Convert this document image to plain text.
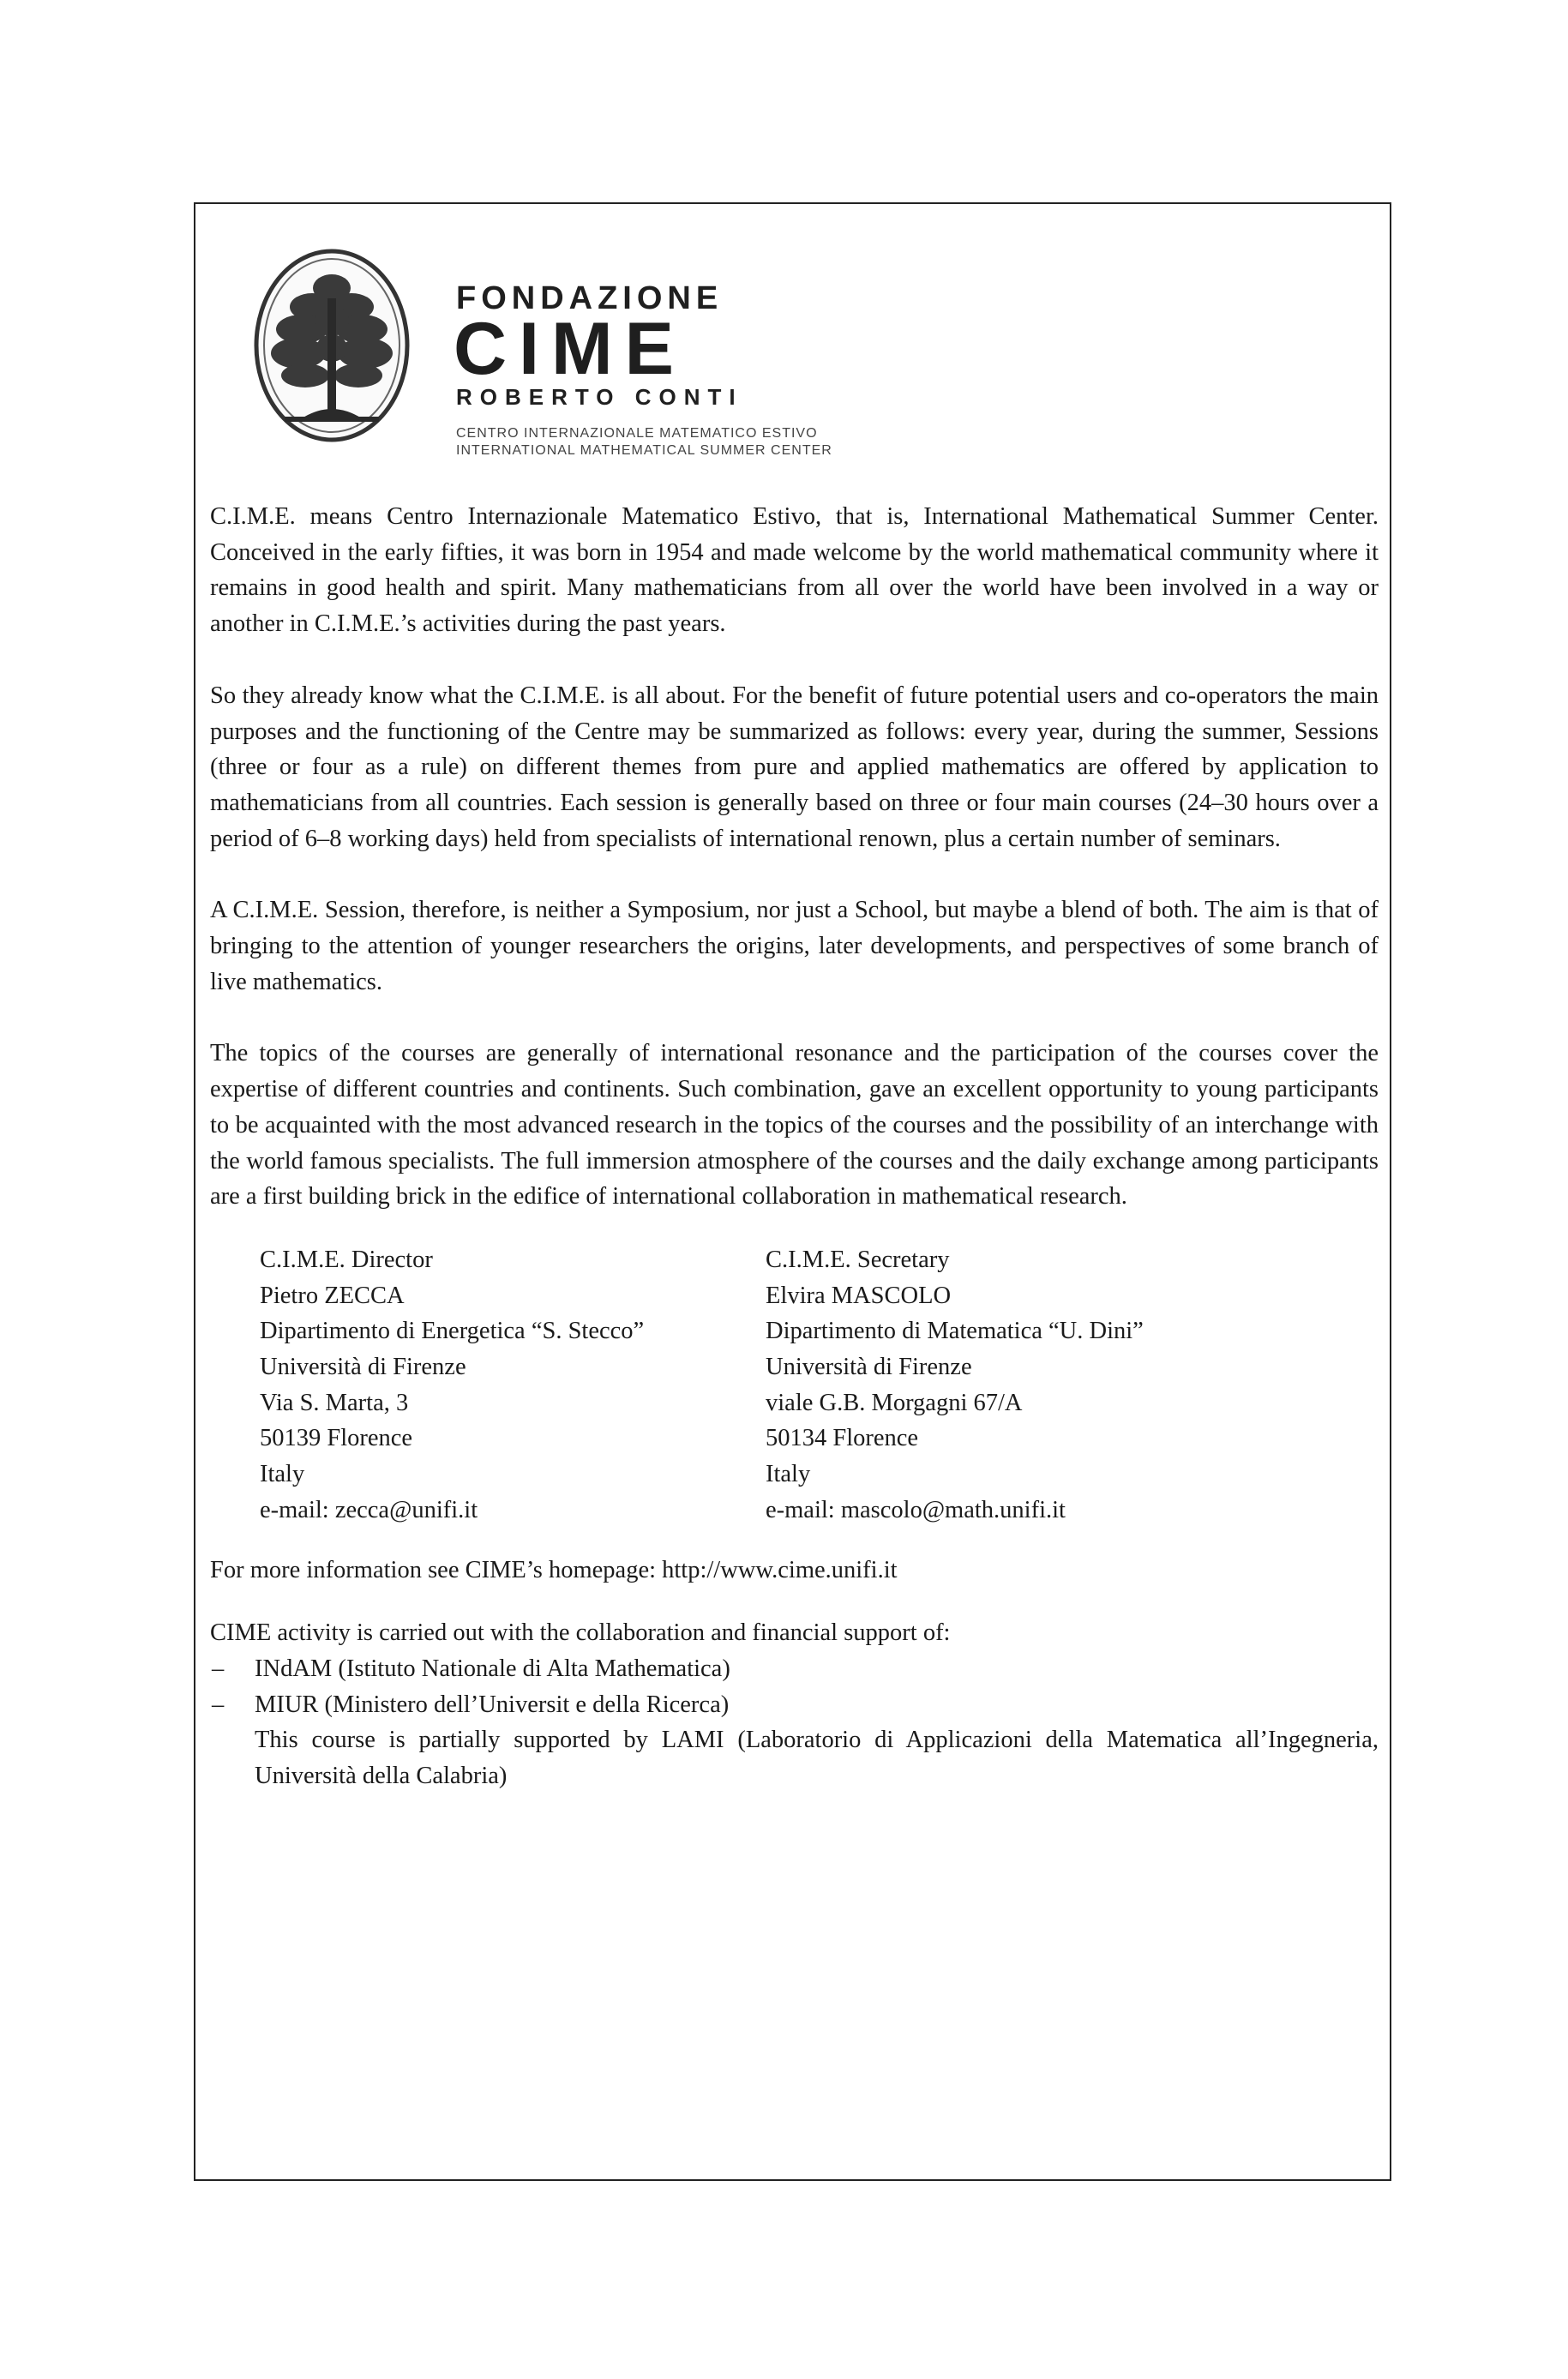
FONDAZIONE
CIME
ROBERTO CONTI
CENTRO INTERNAZIONALE MATEMATICO ESTIVO
INTERNATIONAL MATHEMATICAL SUMMER CENTER

C.I.M.E. means Centro Internazionale Matematico Estivo, that is, International Mathematical Summer Center. Conceived in the early fifties, it was born in 1954 and made welcome by the world mathematical community where it remains in good health and spirit. Many mathematicians from all over the world have been involved in a way or another in C.I.M.E.’s activities during the past years.

So they already know what the C.I.M.E. is all about. For the benefit of future potential users and co-operators the main purposes and the functioning of the Centre may be summarized as follows: every year, during the summer, Sessions (three or four as a rule) on different themes from pure and applied mathematics are offered by application to mathematicians from all countries. Each session is generally based on three or four main courses (24–30 hours over a period of 6–8 working days) held from specialists of international renown, plus a certain number of seminars.

A C.I.M.E. Session, therefore, is neither a Symposium, nor just a School, but maybe a blend of both. The aim is that of bringing to the attention of younger researchers the origins, later developments, and perspectives of some branch of live mathematics.

The topics of the courses are generally of international resonance and the participation of the courses cover the expertise of different countries and continents. Such combination, gave an excellent opportunity to young participants to be acquainted with the most advanced research in the topics of the courses and the possibility of an interchange with the world famous specialists. The full immersion atmosphere of the courses and the daily exchange among participants are a first building brick in the edifice of international collaboration in mathematical research.

C.I.M.E. Director
Pietro ZECCA
Dipartimento di Energetica “S. Stecco”
Università di Firenze
Via S. Marta, 3
50139 Florence
Italy
e-mail: zecca@unifi.it
C.I.M.E. Secretary
Elvira MASCOLO
Dipartimento di Matematica “U. Dini”
Università di Firenze
viale G.B. Morgagni 67/A
50134 Florence
Italy
e-mail: mascolo@math.unifi.it

For more information see CIME’s homepage: http://www.cime.unifi.it

CIME activity is carried out with the collaboration and financial support of:
– INdAM (Istituto Nationale di Alta Mathematica)
– MIUR (Ministero dell’Universit e della Ricerca)

This course is partially supported by LAMI (Laboratorio di Applicazioni della Matematica all’Ingegneria, Università della Calabria)
